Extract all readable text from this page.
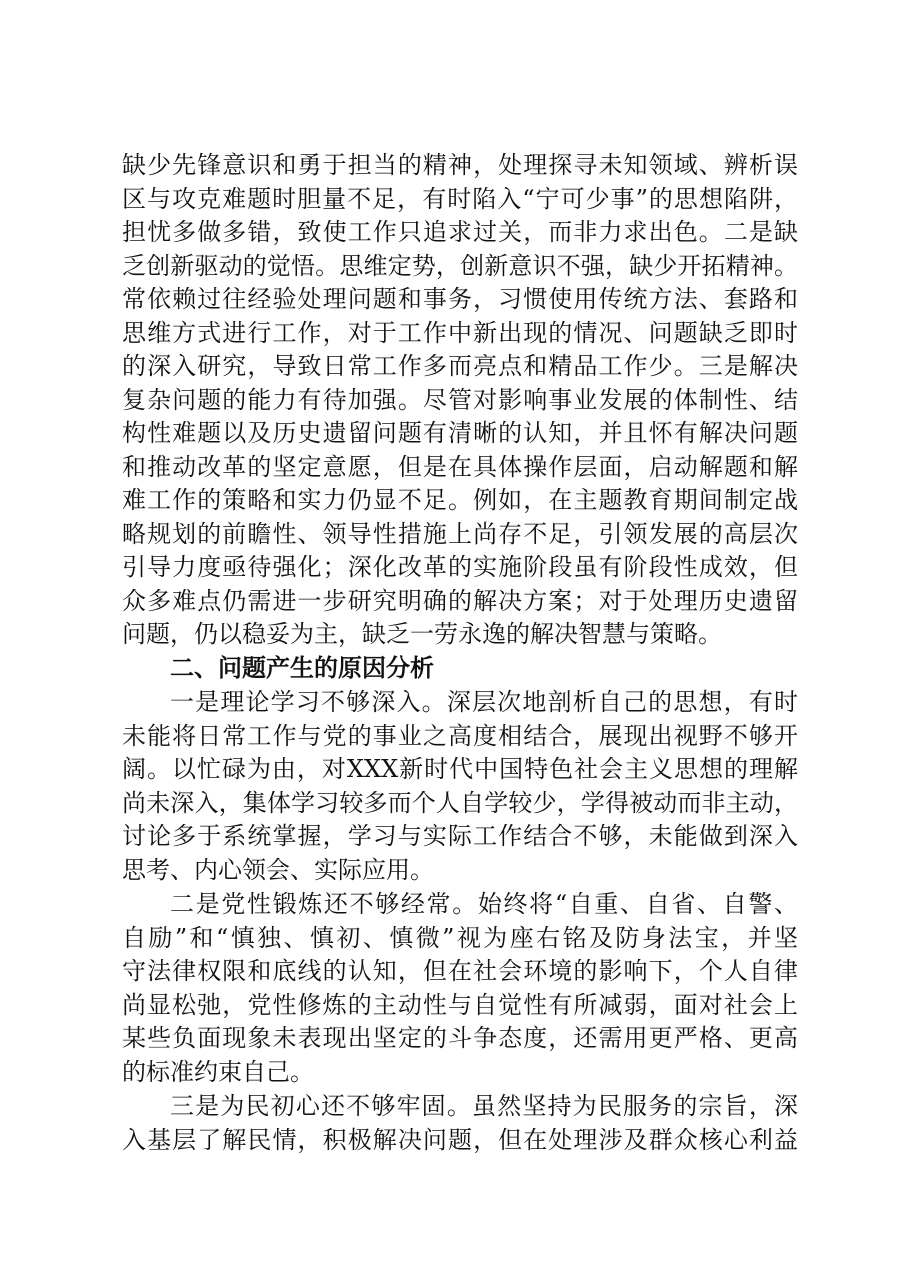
缺少先锋意识和勇于担当的精神，处理探寻未知领域、辨析误
区与攻克难题时胆量不足，有时陷入“宁可少事”的思想陷阱，
担忧多做多错，致使工作只追求过关，而非力求出色。二是缺
乏创新驱动的觉悟。思维定势，创新意识不强，缺少开拓精神。
常依赖过往经验处理问题和事务，习惯使用传统方法、套路和
思维方式进行工作，对于工作中新出现的情况、问题缺乏即时
的深入研究，导致日常工作多而亮点和精品工作少。三是解决
复杂问题的能力有待加强。尽管对影响事业发展的体制性、结
构性难题以及历史遗留问题有清晰的认知，并且怀有解决问题
和推动改革的坚定意愿，但是在具体操作层面，启动解题和解
难工作的策略和实力仍显不足。例如，在主题教育期间制定战
略规划的前瞻性、领导性措施上尚存不足，引领发展的高层次
引导力度亟待强化；深化改革的实施阶段虽有阶段性成效，但
众多难点仍需进一步研究明确的解决方案；对于处理历史遗留
问题，仍以稳妥为主，缺乏一劳永逸的解决智慧与策略。
二、问题产生的原因分析
一是理论学习不够深入。深层次地剖析自己的思想，有时
未能将日常工作与党的事业之高度相结合，展现出视野不够开
阔。以忙碌为由，对XXX新时代中国特色社会主义思想的理解
尚未深入，集体学习较多而个人自学较少，学得被动而非主动，
讨论多于系统掌握，学习与实际工作结合不够，未能做到深入
思考、内心领会、实际应用。
二是党性锻炼还不够经常。始终将“自重、自省、自警、
自励”和“慎独、慎初、慎微”视为座右铭及防身法宝，并坚
守法律权限和底线的认知，但在社会环境的影响下，个人自律
尚显松弛，党性修炼的主动性与自觉性有所减弱，面对社会上
某些负面现象未表现出坚定的斗争态度，还需用更严格、更高
的标准约束自己。
三是为民初心还不够牢固。虽然坚持为民服务的宗旨，深
入基层了解民情，积极解决问题，但在处理涉及群众核心利益
